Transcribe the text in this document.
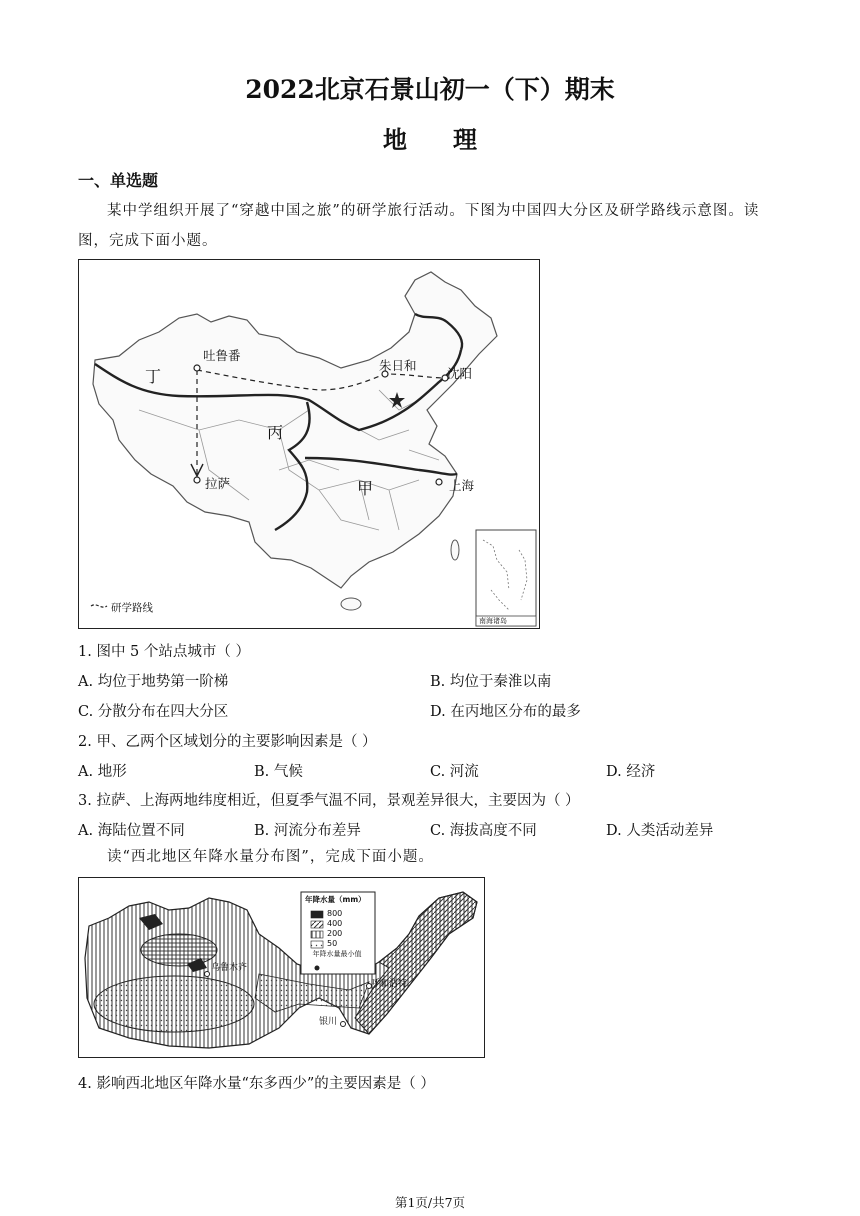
2022北京石景山初一（下）期末
地理
一、单选题
某中学组织开展了“穿越中国之旅”的研学旅行活动。下图为中国四大分区及研学路线示意图。读
图，完成下面小题。
吐鲁番
朱日和
沈阳
拉萨	上海
丁
丙
甲
研学路线
南海诸岛
1. 图中 5 个站点城市（ ）
A. 均位于地势第一阶梯	B. 均位于秦淮以南
C. 分散分布在四大分区	D. 在丙地区分布的最多
2. 甲、乙两个区域划分的主要影响因素是（ ）
A. 地形	B. 气候	C. 河流	D. 经济
3. 拉萨、上海两地纬度相近，但夏季气温不同，景观差异很大，主要因为（ ）
A. 海陆位置不同	B. 河流分布差异	C. 海拔高度不同	D. 人类活动差异
读“西北地区年降水量分布图”，完成下面小题。
年降水量（mm）
800
400
200
50
年降水量最小值
乌鲁木齐
呼和浩特
银川
4. 影响西北地区年降水量“东多西少”的主要因素是（ ）
第1页/共7页
